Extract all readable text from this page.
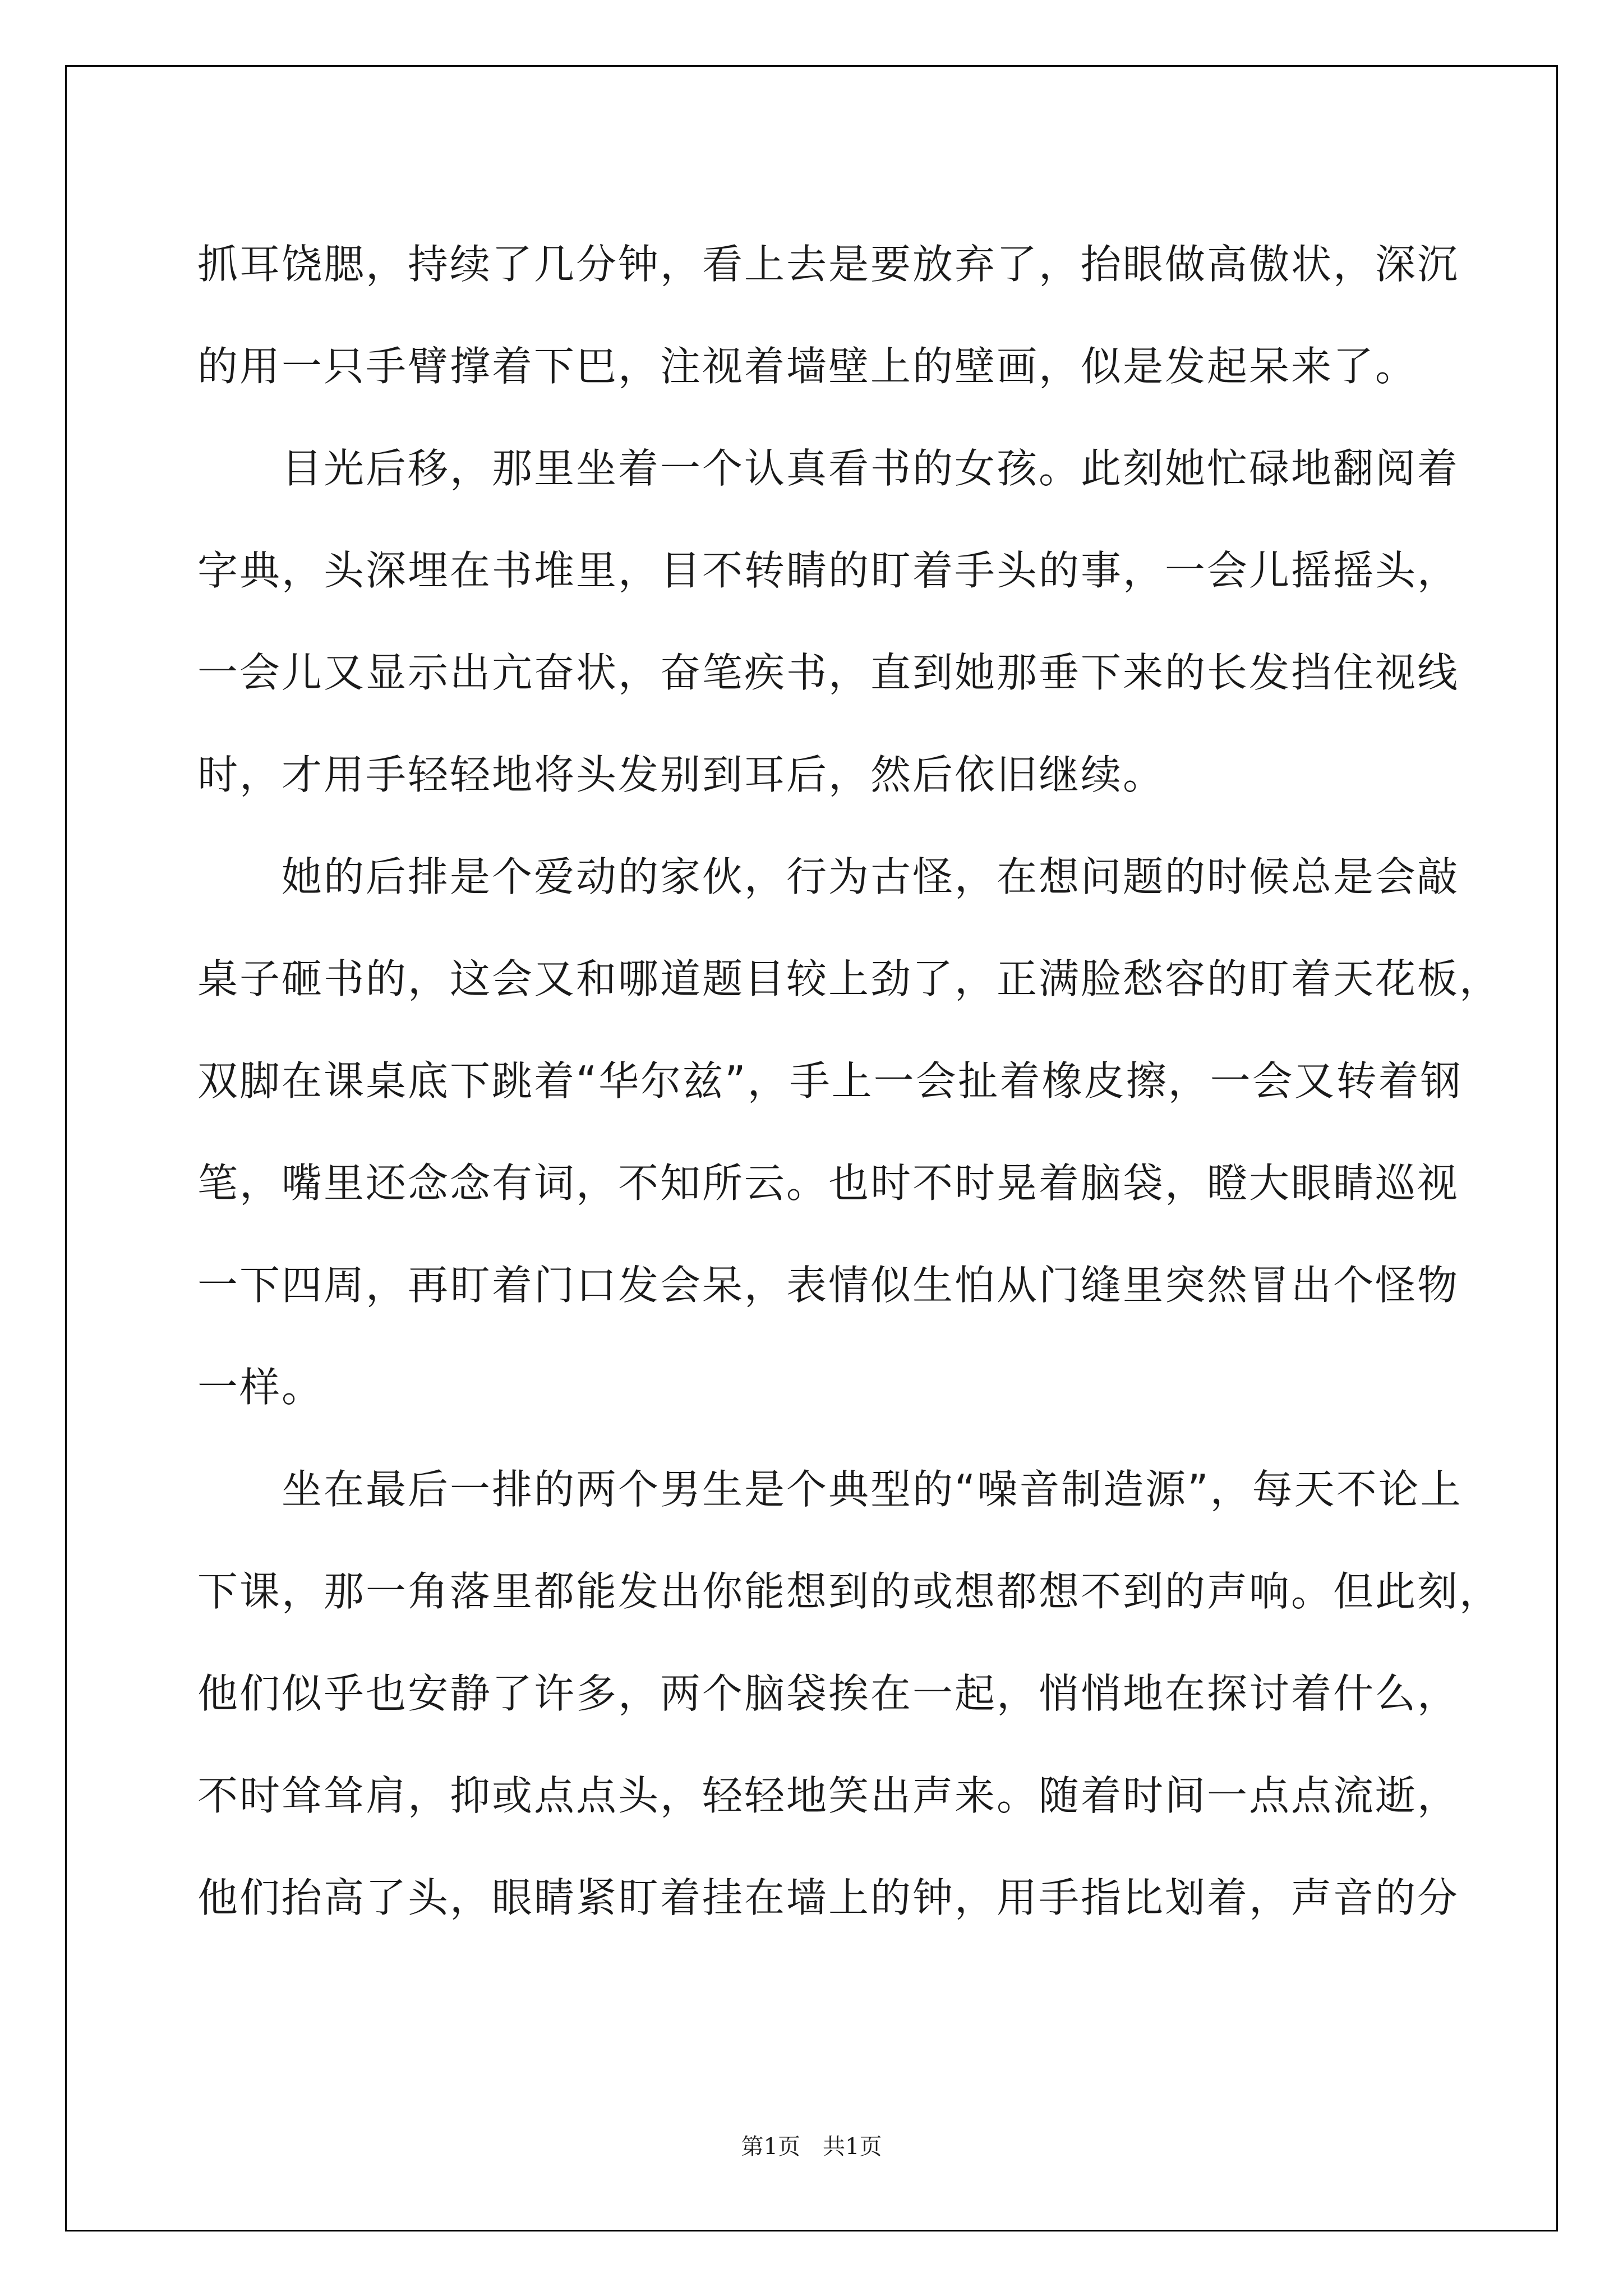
抓耳饶腮，持续了几分钟，看上去是要放弃了，抬眼做高傲状，深沉
的用一只手臂撑着下巴，注视着墙壁上的壁画，似是发起呆来了。
　　目光后移，那里坐着一个认真看书的女孩。此刻她忙碌地翻阅着
字典，头深埋在书堆里，目不转睛的盯着手头的事，一会儿摇摇头，
一会儿又显示出亢奋状，奋笔疾书，直到她那垂下来的长发挡住视线
时，才用手轻轻地将头发别到耳后，然后依旧继续。
　　她的后排是个爱动的家伙，行为古怪，在想问题的时候总是会敲
桌子砸书的，这会又和哪道题目较上劲了，正满脸愁容的盯着天花板，
双脚在课桌底下跳着“华尔兹”，手上一会扯着橡皮擦，一会又转着钢
笔，嘴里还念念有词，不知所云。也时不时晃着脑袋，瞪大眼睛巡视
一下四周，再盯着门口发会呆，表情似生怕从门缝里突然冒出个怪物
一样。
　　坐在最后一排的两个男生是个典型的“噪音制造源”，每天不论上
下课，那一角落里都能发出你能想到的或想都想不到的声响。但此刻，
他们似乎也安静了许多，两个脑袋挨在一起，悄悄地在探讨着什么，
不时耸耸肩，抑或点点头，轻轻地笑出声来。随着时间一点点流逝，
他们抬高了头，眼睛紧盯着挂在墙上的钟，用手指比划着，声音的分
第1页　共1页
